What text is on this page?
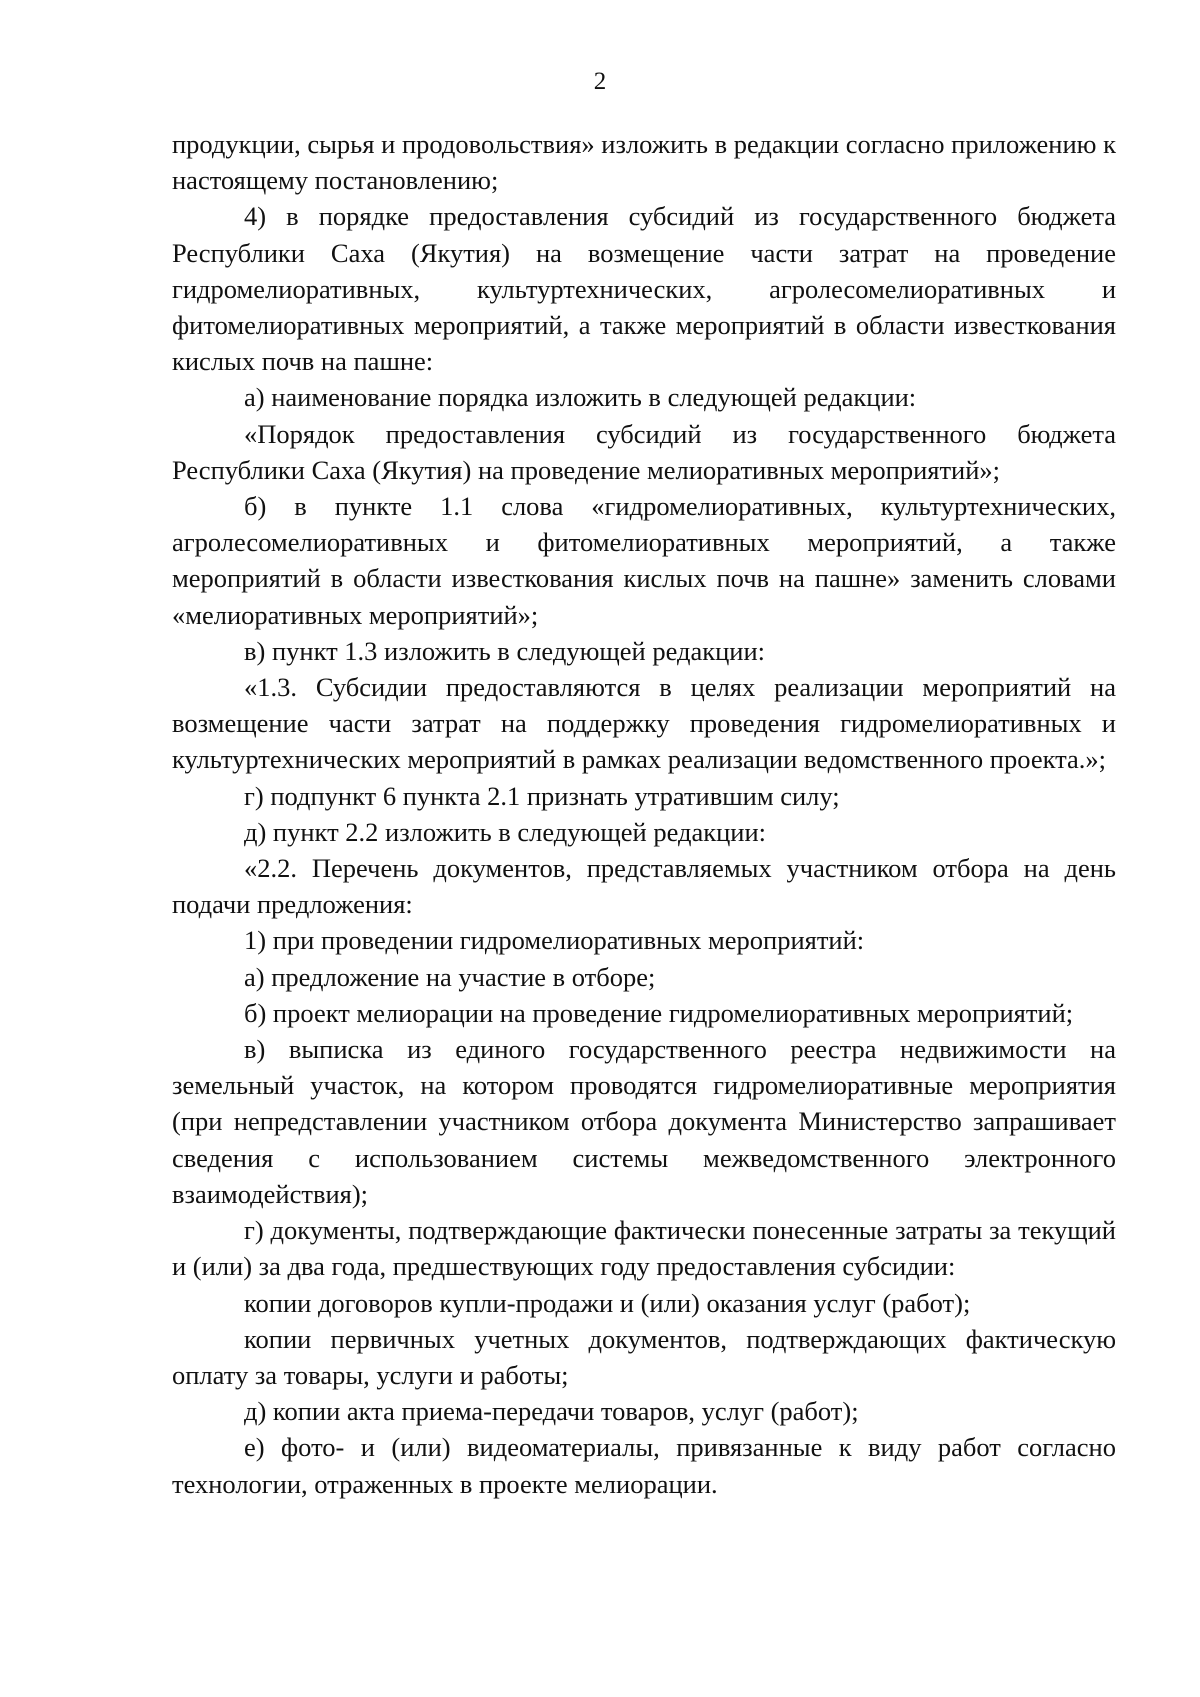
2

продукции, сырья и продовольствия» изложить в редакции согласно приложению к настоящему постановлению;

4) в порядке предоставления субсидий из государственного бюджета Республики Саха (Якутия) на возмещение части затрат на проведение гидромелиоративных, культуртехнических, агролесомелиоративных и фитомелиоративных мероприятий, а также мероприятий в области известкования кислых почв на пашне:

а) наименование порядка изложить в следующей редакции:

«Порядок предоставления субсидий из государственного бюджета Республики Саха (Якутия) на проведение мелиоративных мероприятий»;

б) в пункте 1.1 слова «гидромелиоративных, культуртехнических, агролесомелиоративных и фитомелиоративных мероприятий, а также мероприятий в области известкования кислых почв на пашне» заменить словами «мелиоративных мероприятий»;

в) пункт 1.3 изложить в следующей редакции:

«1.3. Субсидии предоставляются в целях реализации мероприятий на возмещение части затрат на поддержку проведения гидромелиоративных и культуртехнических мероприятий в рамках реализации ведомственного проекта.»;

г) подпункт 6 пункта 2.1 признать утратившим силу;

д) пункт 2.2 изложить в следующей редакции:

«2.2. Перечень документов, представляемых участником отбора на день подачи предложения:

1) при проведении гидромелиоративных мероприятий:

а) предложение на участие в отборе;

б) проект мелиорации на проведение гидромелиоративных мероприятий;

в) выписка из единого государственного реестра недвижимости на земельный участок, на котором проводятся гидромелиоративные мероприятия (при непредставлении участником отбора документа Министерство запрашивает сведения с использованием системы межведомственного электронного взаимодействия);

г) документы, подтверждающие фактически понесенные затраты за текущий и (или) за два года, предшествующих году предоставления субсидии:

копии договоров купли-продажи и (или) оказания услуг (работ);

копии первичных учетных документов, подтверждающих фактическую оплату за товары, услуги и работы;

д) копии акта приема-передачи товаров, услуг (работ);

е) фото- и (или) видеоматериалы, привязанные к виду работ согласно технологии, отраженных в проекте мелиорации.
